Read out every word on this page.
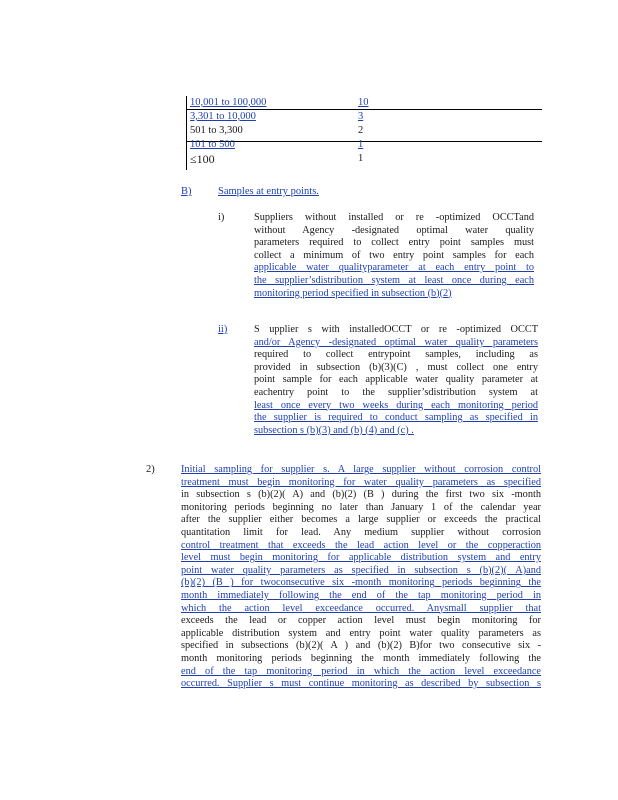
10,001 to 100,000	10
3,301 to 10,000	3
501 to 3,300	2
101 to 500	1
≤100	1
B)	Samples at entry points.
i)	Suppliers without installed or re -optimized OCCTand
without Agency -designated optimal water quality
parameters required to collect entry point samples must
collect a minimum of two entry point samples for each
applicable water qualityparameter at each entry point to
the supplier’sdistribution system at least once during each
monitoring period specified in subsection (b)(2)
ii)	S upplier s with installedOCCT or re -optimized OCCT
and/or Agency -designated optimal water quality parameters
required to collect entrypoint samples, including as
provided in subsection (b)(3)(C) , must collect one entry
point sample for each applicable water quality parameter at
eachentry point to the supplier’sdistribution system at
least once every two weeks during each monitoring period
the supplier is required to conduct sampling as specified in
subsection s (b)(3) and (b) (4) and (c) .
2)	Initial sampling for supplier s. A large supplier without corrosion control
treatment must begin monitoring for water quality parameters as specified
in subsection s (b)(2)( A) and (b)(2) (B ) during the first two six -month
monitoring periods beginning no later than January 1 of the calendar year
after the supplier either becomes a large supplier or exceeds the practical
quantitation limit for lead. Any medium supplier without corrosion
control treatment that exceeds the lead action level or the copperaction
level must begin monitoring for applicable distribution system and entry
point water quality parameters as specified in subsection s (b)(2)( A)and
(b)(2) (B ) for twoconsecutive six -month monitoring periods beginning the
month immediately following the end of the tap monitoring period in
which the action level exceedance occurred. Anysmall supplier that
exceeds the lead or copper action level must begin monitoring for
applicable distribution system and entry point water quality parameters as
specified in subsections (b)(2)( A ) and (b)(2) B)for two consecutive six -
month monitoring periods beginning the month immediately following the
end of the tap monitoring period in which the action level exceedance
occurred. Supplier s must continue monitoring as described by subsection s
